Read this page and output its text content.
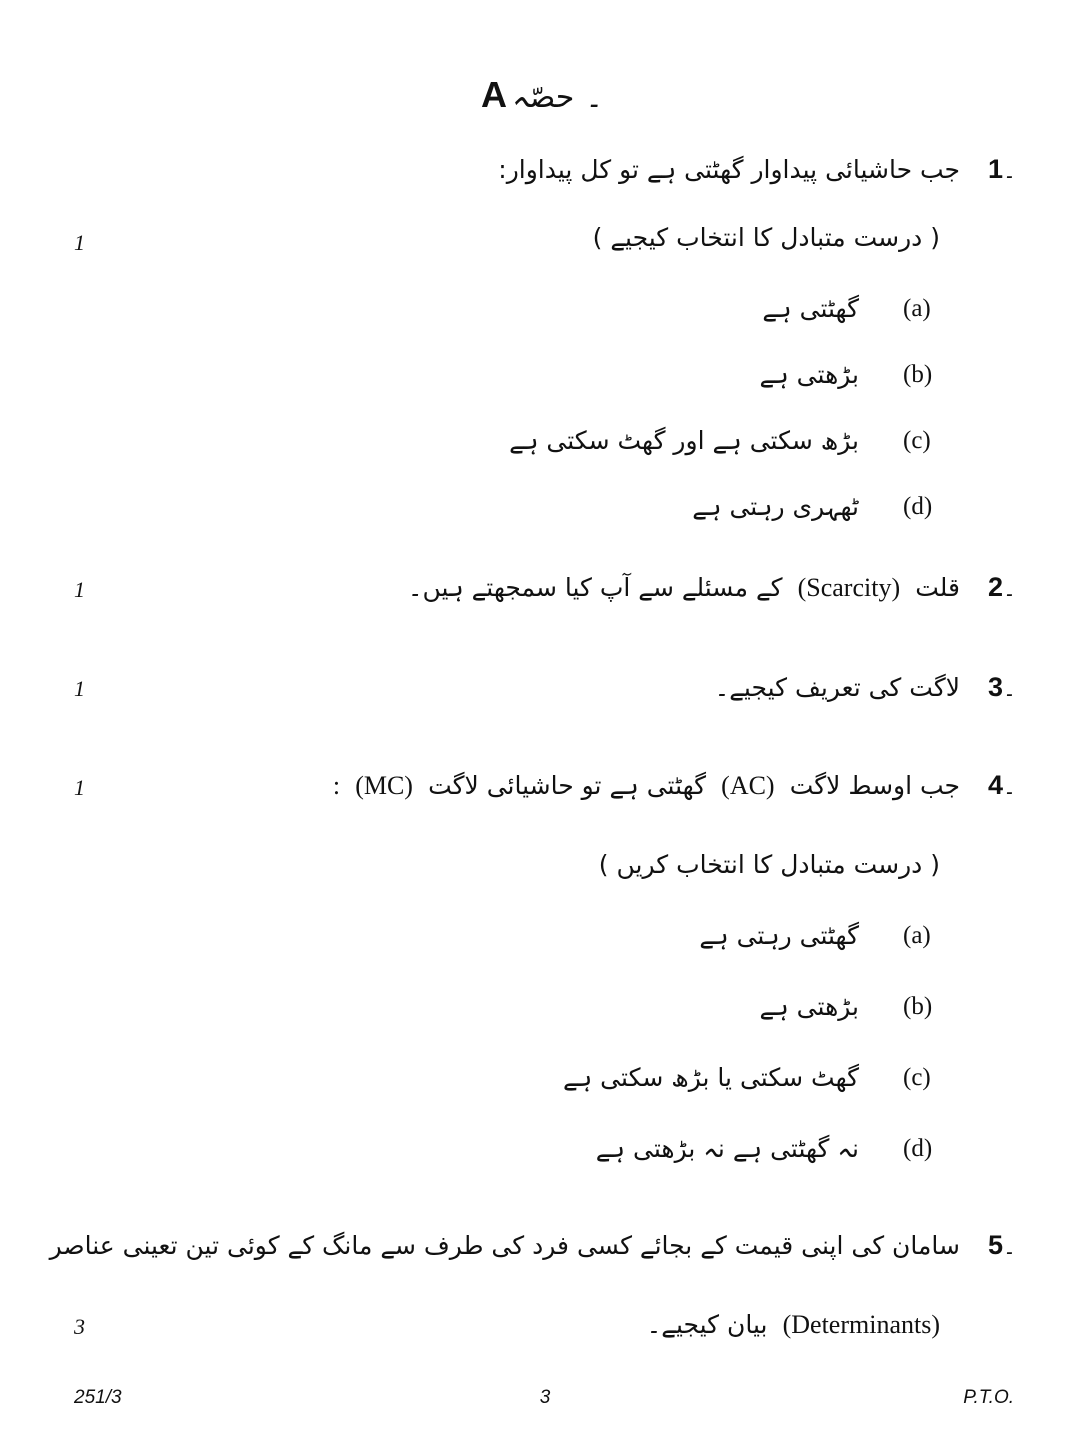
A	۔ حصّہ
1۔
جب حاشیائی پیداوار گھٹتی ہے تو کل پیداوار:
( درست متبادل کا انتخاب کیجیے )
1
(a)
گھٹتی ہے
(b)
بڑھتی ہے
(c)
بڑھ سکتی ہے اور گھٹ سکتی ہے
(d)
ٹھہری رہتی ہے
2۔
قلت (Scarcity) کے مسئلے سے آپ کیا سمجھتے ہیں۔
1
3۔
لاگت کی تعریف کیجیے۔
1
4۔
جب اوسط لاگت (AC) گھٹتی ہے تو حاشیائی لاگت (MC) :
1
( درست متبادل کا انتخاب کریں )
(a)
گھٹتی رہتی ہے
(b)
بڑھتی ہے
(c)
گھٹ سکتی یا بڑھ سکتی ہے
(d)
نہ گھٹتی ہے نہ بڑھتی ہے
5۔
سامان کی اپنی قیمت کے بجائے کسی فرد کی طرف سے مانگ کے کوئی تین تعینی عناصر
(Determinants) بیان کیجیے۔
3
251/3	3	P.T.O.
